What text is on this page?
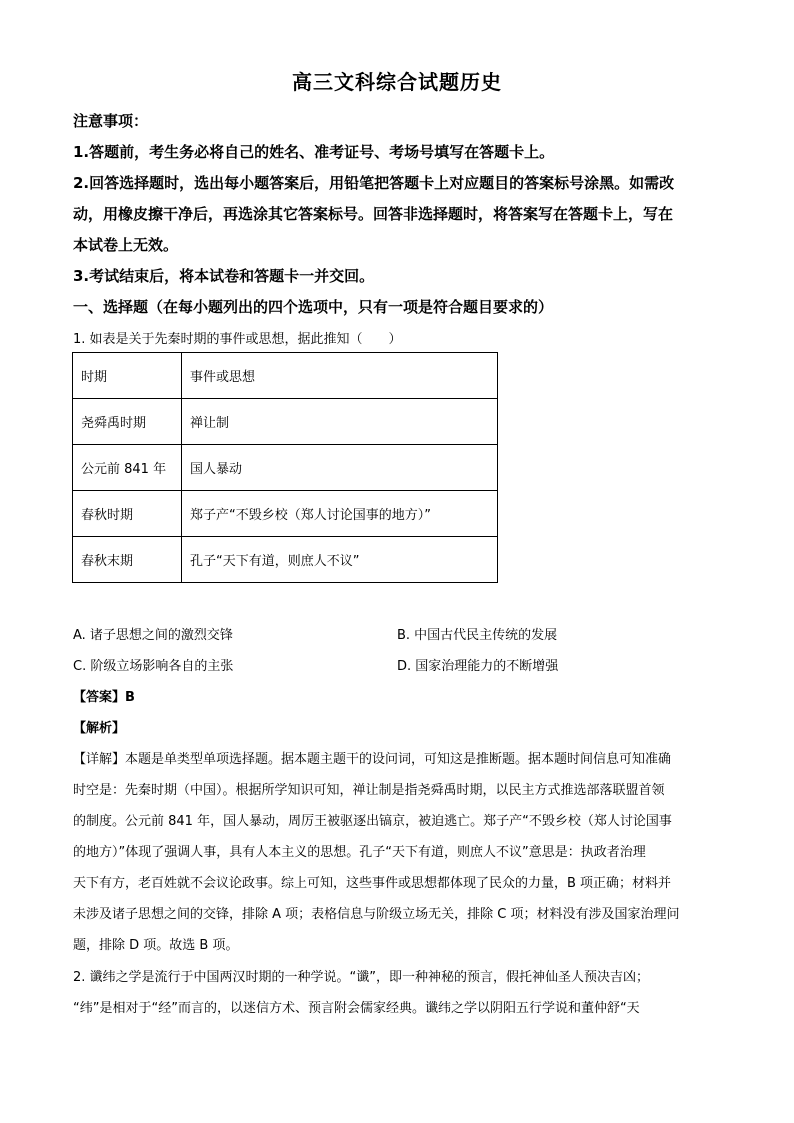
高三文科综合试题历史
注意事项：
1.答题前，考生务必将自己的姓名、准考证号、考场号填写在答题卡上。
2.回答选择题时，选出每小题答案后，用铅笔把答题卡上对应题目的答案标号涂黑。如需改
动，用橡皮擦干净后，再选涂其它答案标号。回答非选择题时，将答案写在答题卡上，写在
本试卷上无效。
3.考试结束后，将本试卷和答题卡一并交回。
一、选择题（在每小题列出的四个选项中，只有一项是符合题目要求的）
1. 如表是关于先秦时期的事件或思想，据此推知（　　）
时期	事件或思想
尧舜禹时期	禅让制
公元前 841 年	国人暴动
春秋时期	郑子产“不毁乡校（郑人讨论国事的地方）”
春秋末期	孔子“天下有道，则庶人不议”
A. 诸子思想之间的激烈交锋	B. 中国古代民主传统的发展
C. 阶级立场影响各自的主张	D. 国家治理能力的不断增强
【答案】B
【解析】
【详解】本题是单类型单项选择题。据本题主题干的设问词，可知这是推断题。据本题时间信息可知准确
时空是：先秦时期（中国）。根据所学知识可知，禅让制是指尧舜禹时期，以民主方式推选部落联盟首领
的制度。公元前 841 年，国人暴动，周厉王被驱逐出镐京，被迫逃亡。郑子产“不毁乡校（郑人讨论国事
的地方）”体现了强调人事，具有人本主义的思想。孔子“天下有道，则庶人不议”意思是：执政者治理
天下有方，老百姓就不会议论政事。综上可知，这些事件或思想都体现了民众的力量，B 项正确；材料并
未涉及诸子思想之间的交锋，排除 A 项；表格信息与阶级立场无关，排除 C 项；材料没有涉及国家治理问
题，排除 D 项。故选 B 项。
2. 谶纬之学是流行于中国两汉时期的一种学说。“谶”，即一种神秘的预言，假托神仙圣人预决吉凶；
“纬”是相对于“经”而言的，以迷信方术、预言附会儒家经典。谶纬之学以阴阳五行学说和董仲舒“天
